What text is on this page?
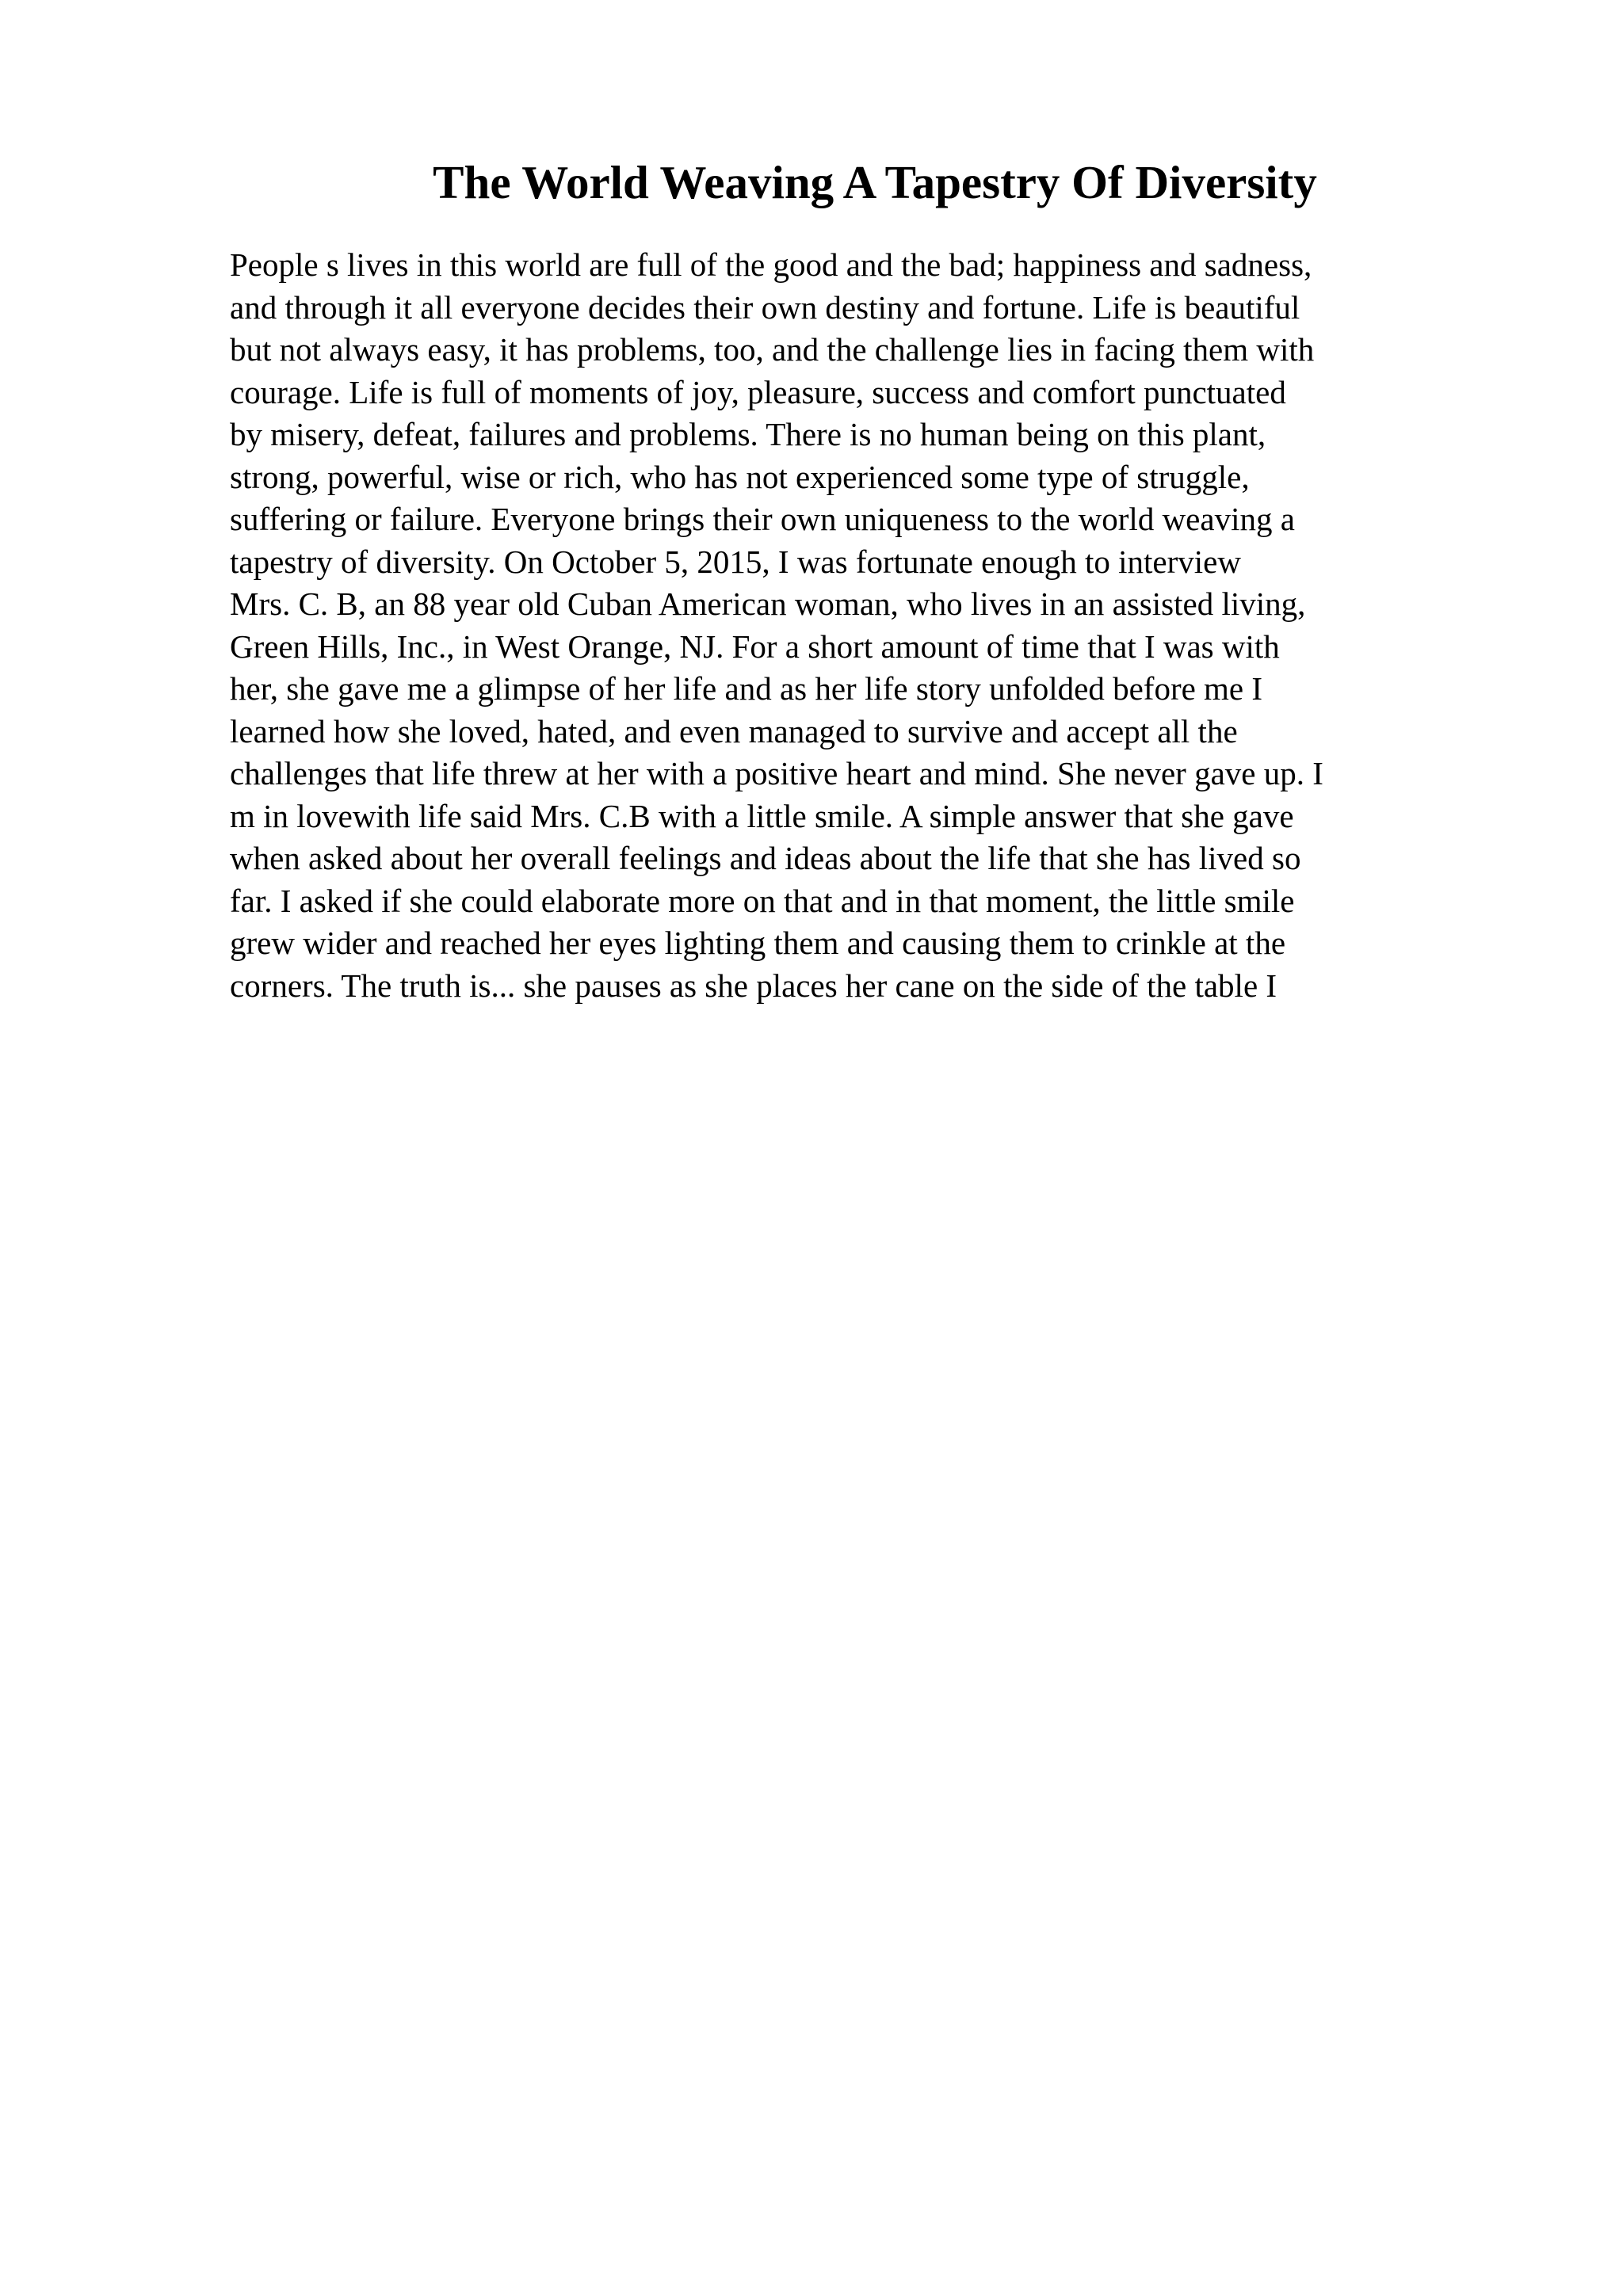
The World Weaving A Tapestry Of Diversity
People s lives in this world are full of the good and the bad; happiness and sadness,
and through it all everyone decides their own destiny and fortune. Life is beautiful
but not always easy, it has problems, too, and the challenge lies in facing them with
courage. Life is full of moments of joy, pleasure, success and comfort punctuated
by misery, defeat, failures and problems. There is no human being on this plant,
strong, powerful, wise or rich, who has not experienced some type of struggle,
suffering or failure. Everyone brings their own uniqueness to the world weaving a
tapestry of diversity. On October 5, 2015, I was fortunate enough to interview
Mrs. C. B, an 88 year old Cuban American woman, who lives in an assisted living,
Green Hills, Inc., in West Orange, NJ. For a short amount of time that I was with
her, she gave me a glimpse of her life and as her life story unfolded before me I
learned how she loved, hated, and even managed to survive and accept all the
challenges that life threw at her with a positive heart and mind. She never gave up. I
m in lovewith life said Mrs. C.B with a little smile. A simple answer that she gave
when asked about her overall feelings and ideas about the life that she has lived so
far. I asked if she could elaborate more on that and in that moment, the little smile
grew wider and reached her eyes lighting them and causing them to crinkle at the
corners. The truth is... she pauses as she places her cane on the side of the table I
